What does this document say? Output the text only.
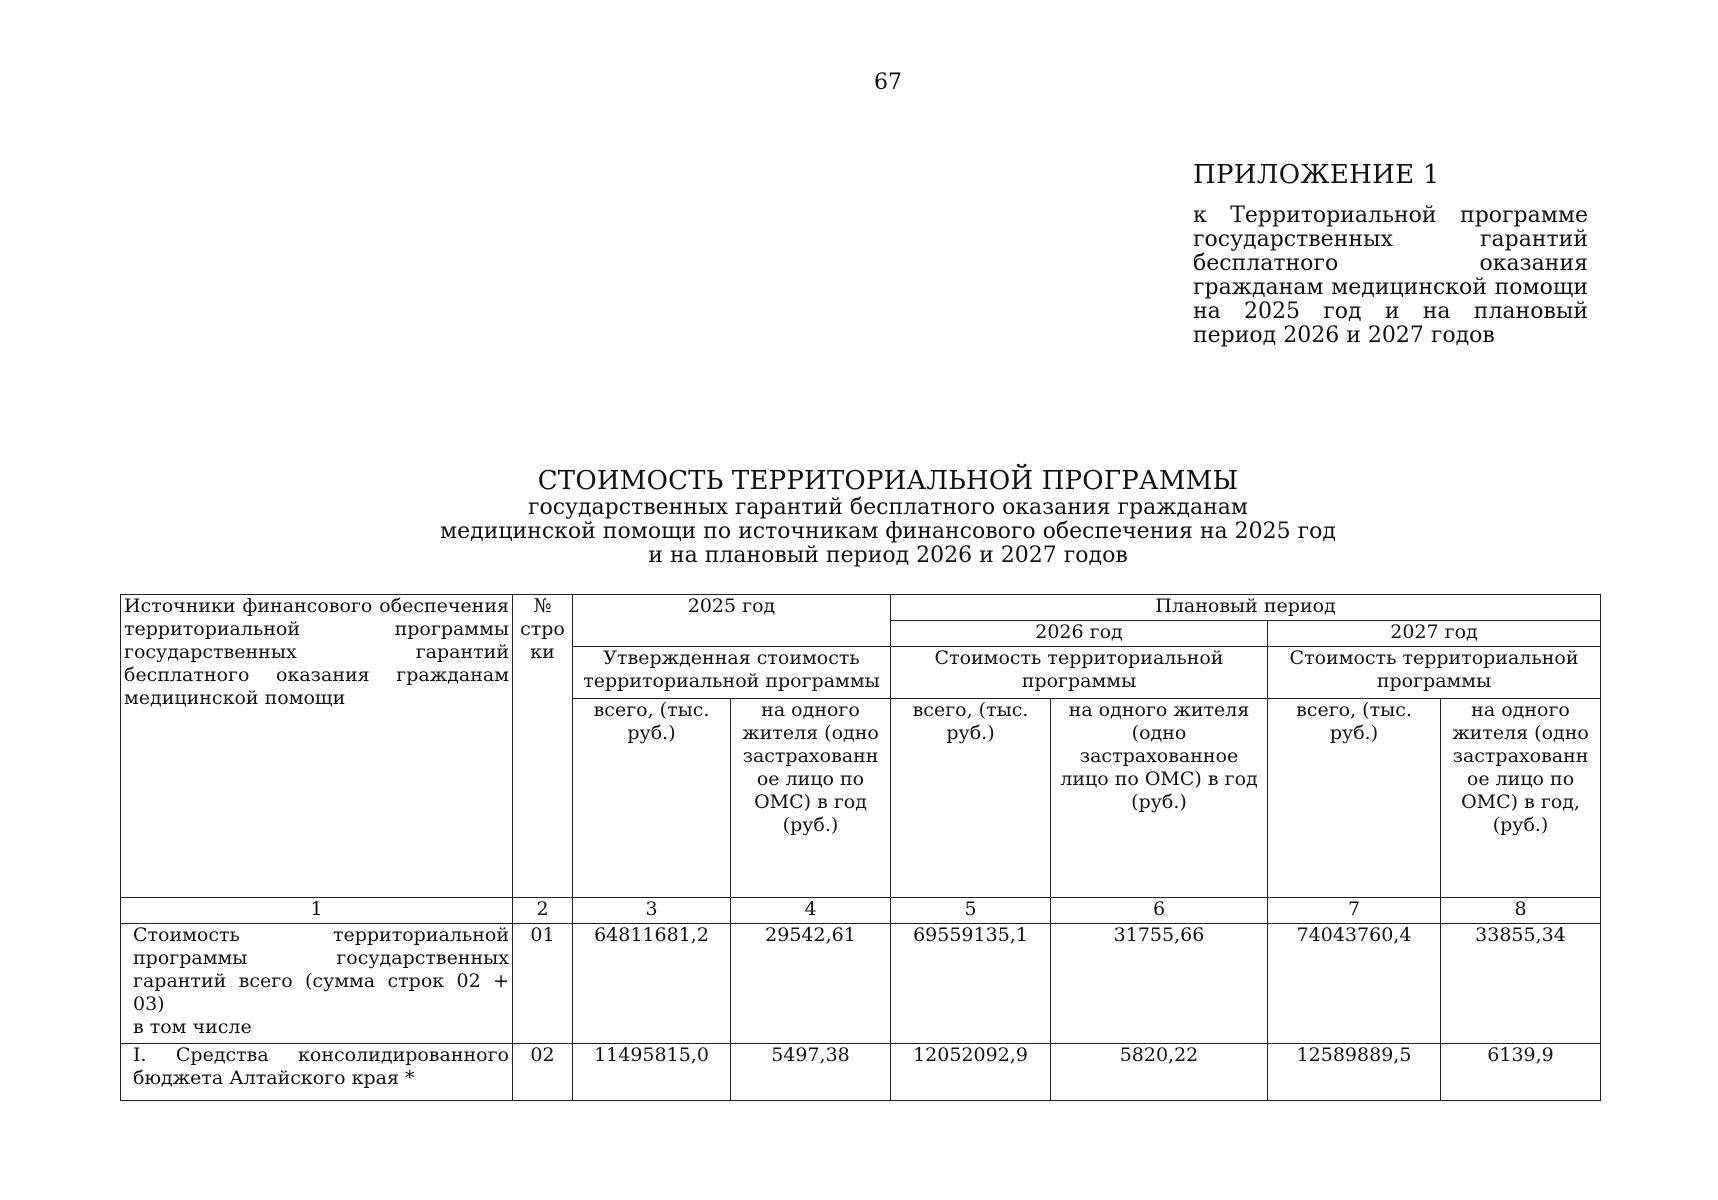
67
ПРИЛОЖЕНИЕ 1
к Территориальной программе государственных гарантий бесплатного оказания гражданам медицинской помощи на 2025 год и на плановый период 2026 и 2027 годов
СТОИМОСТЬ ТЕРРИТОРИАЛЬНОЙ ПРОГРАММЫ
государственных гарантий бесплатного оказания гражданам
медицинской помощи по источникам финансового обеспечения на 2025 год
и на плановый период 2026 и 2027 годов
Источники финансового обеспечения территориальной программы государственных гарантий бесплатного оказания гражданам медицинской помощи	№ стро ки	2025 год		Плановый период			
				2026 год		2027 год	
		Утвержденная стоимость территориальной программы		Стоимость территориальной программы		Стоимость территориальной программы	
		всего, (тыс. руб.)	на одного жителя (одно застрахованн ое лицо по ОМС) в год (руб.)	всего, (тыс. руб.)	на одного жителя (одно застрахованное лицо по ОМС) в год (руб.)	всего, (тыс. руб.)	на одного жителя (одно застрахованн ое лицо по ОМС) в год, (руб.)
1	2	3	4	5	6	7	8

Стоимость территориальной программы государственных гарантий всего (сумма строк 02 + 03)
в том числе	01	64811681,2	29542,61	69559135,1	31755,66	74043760,4	33855,34

I. Средства консолидированного бюджета Алтайского края *	02	11495815,0	5497,38	12052092,9	5820,22	12589889,5	6139,9
